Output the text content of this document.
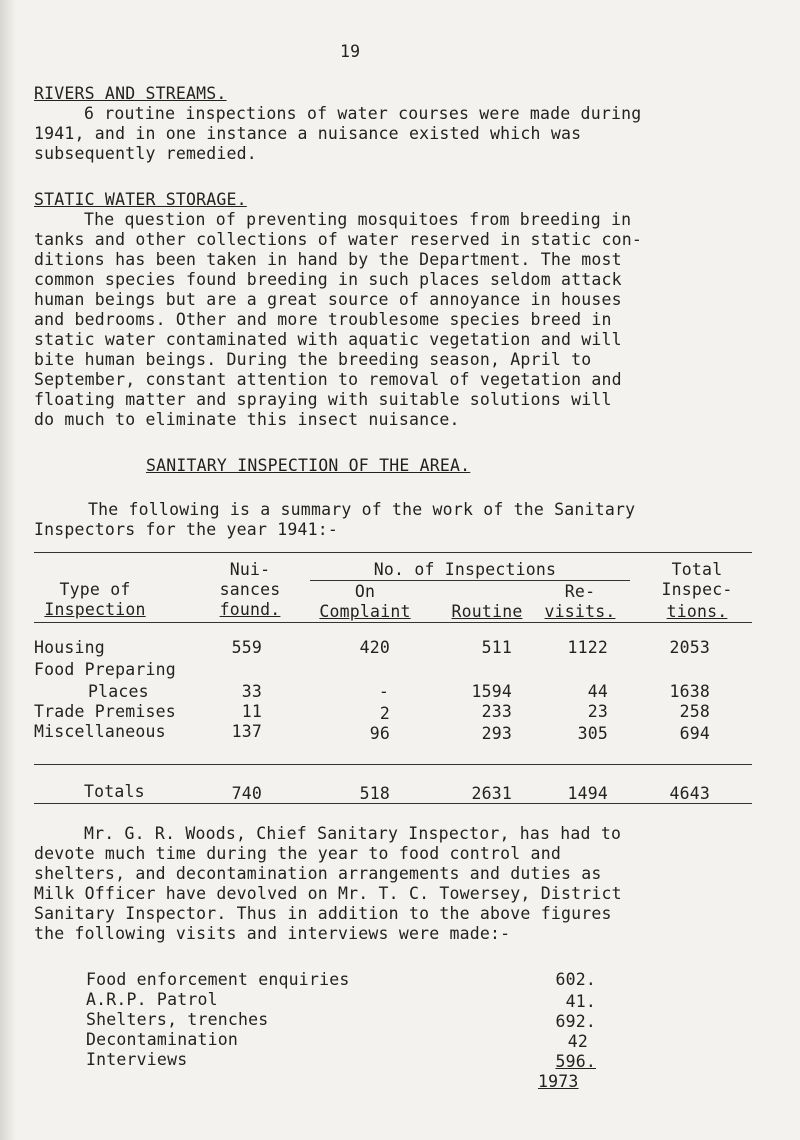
19
RIVERS AND STREAMS.
6 routine inspections of water courses were made during
1941, and in one instance a nuisance existed which was
subsequently remedied.
STATIC WATER STORAGE.
The question of preventing mosquitoes from breeding in
tanks and other collections of water reserved in static con-
ditions has been taken in hand by the Department. The most
common species found breeding in such places seldom attack
human beings but are a great source of annoyance in houses
and bedrooms. Other and more troublesome species breed in
static water contaminated with aquatic vegetation and will
bite human beings. During the breeding season, April to
September, constant attention to removal of vegetation and
floating matter and spraying with suitable solutions will
do much to eliminate this insect nuisance.
SANITARY INSPECTION OF THE AREA.
The following is a summary of the work of the Sanitary
Inspectors for the year 1941:-
Type of
Inspection
Nui-
sances
found.
No. of Inspections
On
Complaint	Routine
Re-
visits.
Total
Inspec-
tions.
Housing	559	420	511	1122	2053
Food Preparing
Places	33	-	1594	44	1638
Trade Premises	11	2	233	23	258
Miscellaneous	137	96	293	305	694
Totals	740	518	2631	1494	4643
Mr. G. R. Woods, Chief Sanitary Inspector, has had to
devote much time during the year to food control and
shelters, and decontamination arrangements and duties as
Milk Officer have devolved on Mr. T. C. Towersey, District
Sanitary Inspector. Thus in addition to the above figures
the following visits and interviews were made:-
Food enforcement enquiries	602.
A.R.P. Patrol	41.
Shelters, trenches	692.
Decontamination	42
Interviews	596.
1973
